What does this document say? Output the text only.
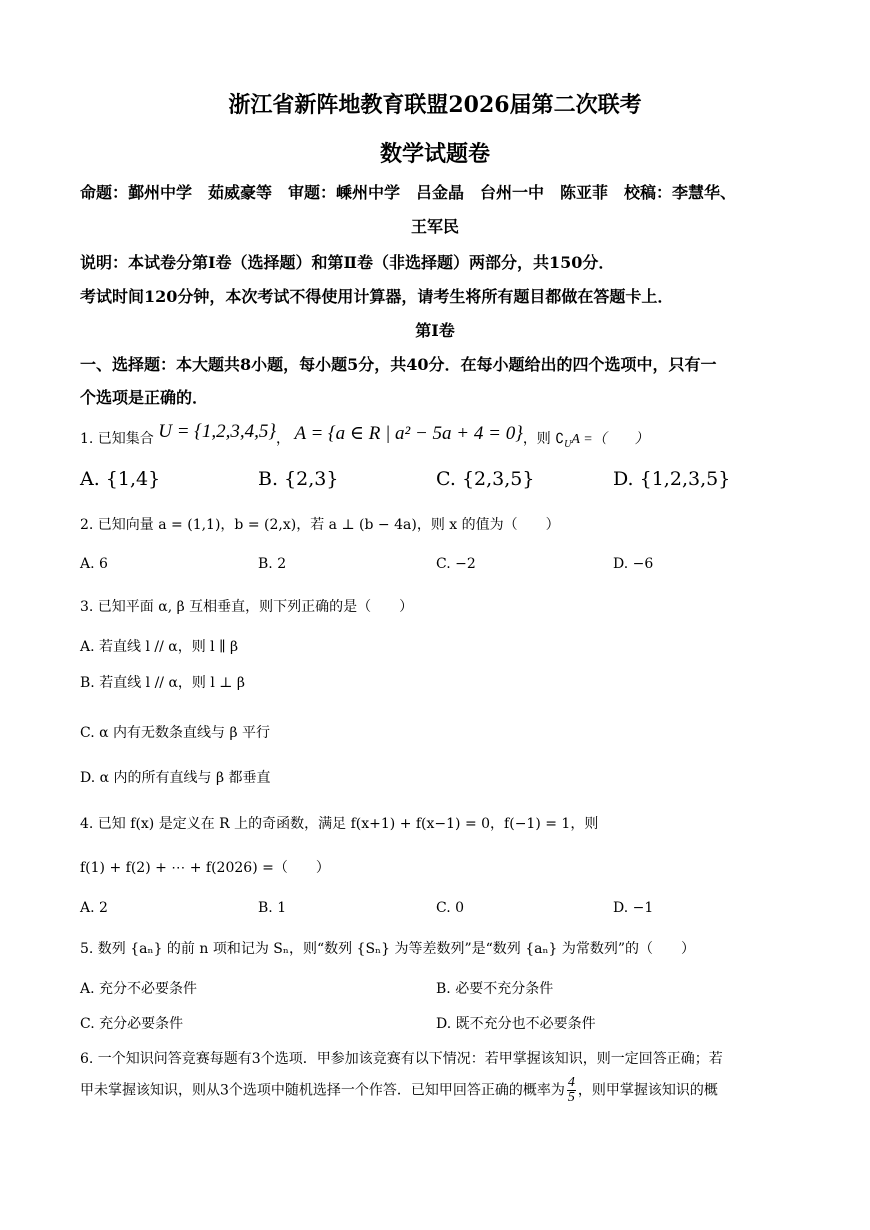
浙江省新阵地教育联盟2026届第二次联考
数学试题卷
命题：鄞州中学　茹威豪等　审题：嵊州中学　吕金晶　台州一中　陈亚菲　校稿：李慧华、
王军民
说明：本试卷分第Ⅰ卷（选择题）和第Ⅱ卷（非选择题）两部分，共150分．
考试时间120分钟，本次考试不得使用计算器，请考生将所有题目都做在答题卡上．
第Ⅰ卷
一、选择题：本大题共8小题，每小题5分，共40分．在每小题给出的四个选项中，只有一
个选项是正确的．
1. 已知集合 U = {1,2,3,4,5}， A = {a ∈ R | a² − 5a + 4 = 0}，则 $∁_UA$ =（　　）
A. {1,4}	B. {2,3}	C. {2,3,5}	D. {1,2,3,5}
2. 已知向量 a = (1,1)，b = (2,x)，若 a ⊥ (b − 4a)，则 x 的值为（　　）
A. 6	B. 2	C. −2	D. −6
3. 已知平面 α, β 互相垂直，则下列正确的是（　　）
A. 若直线 l // α，则 l ∥ β
B. 若直线 l // α，则 l ⊥ β
C. α 内有无数条直线与 β 平行
D. α 内的所有直线与 β 都垂直
4. 已知 f(x) 是定义在 R 上的奇函数，满足 f(x+1) + f(x−1) = 0，f(−1) = 1，则
f(1) + f(2) + ⋯ + f(2026) =（　　）
A. 2	B. 1	C. 0	D. −1
5. 数列 {aₙ} 的前 n 项和记为 Sₙ，则“数列 {Sₙ} 为等差数列”是“数列 {aₙ} 为常数列”的（　　）
A. 充分不必要条件	B. 必要不充分条件
C. 充分必要条件	D. 既不充分也不必要条件
6. 一个知识问答竞赛每题有3个选项．甲参加该竞赛有以下情况：若甲掌握该知识，则一定回答正确；若
甲未掌握该知识，则从3个选项中随机选择一个作答．已知甲回答正确的概率为 $\frac{4}{5}$ ，则甲掌握该知识的概
